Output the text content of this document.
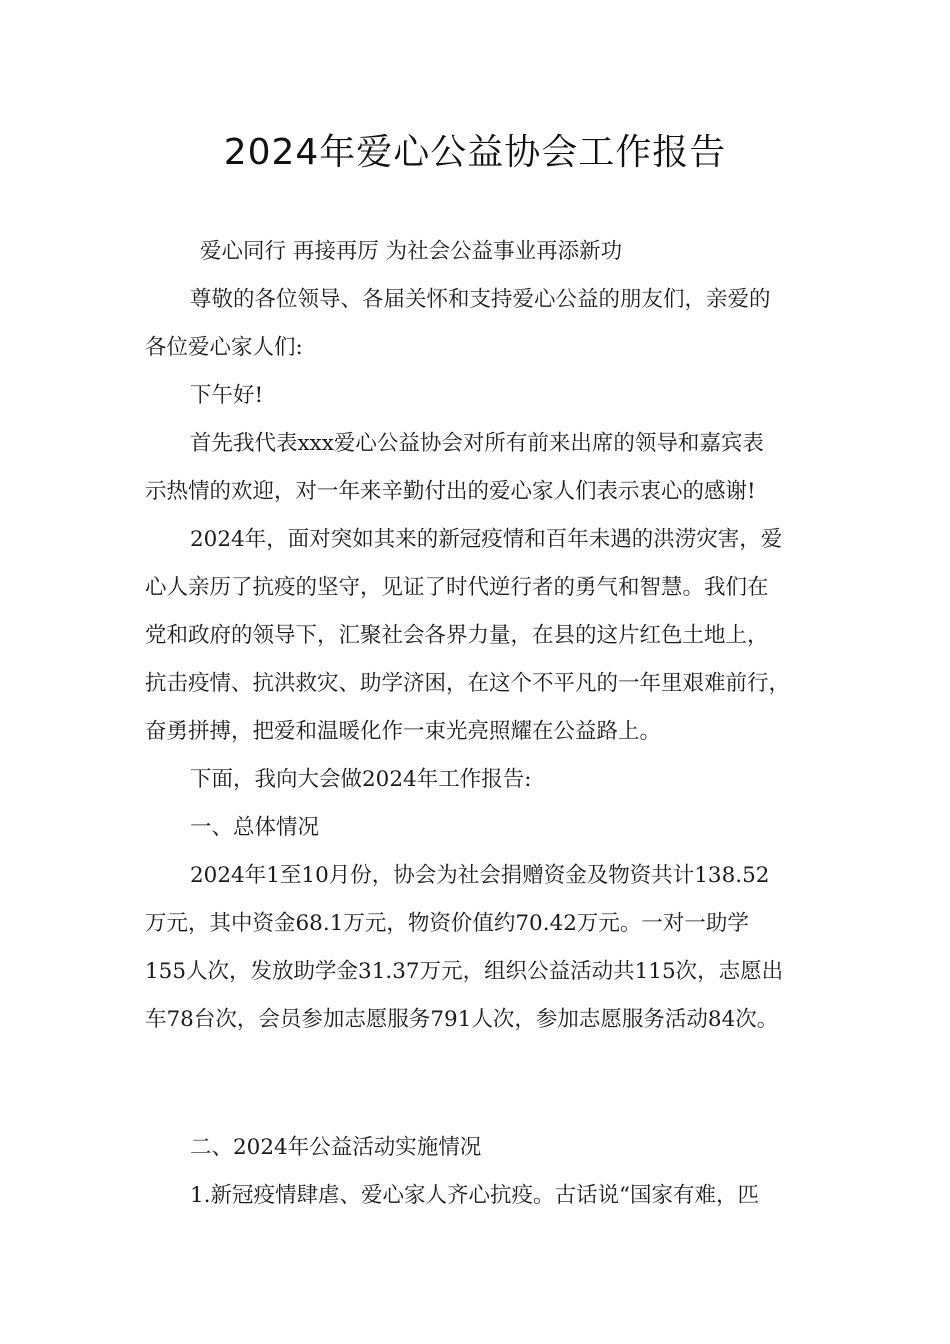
2024年爱心公益协会工作报告
爱心同行 再接再厉 为社会公益事业再添新功
尊敬的各位领导、各届关怀和支持爱心公益的朋友们，亲爱的
各位爱心家人们:
下午好!
首先我代表xxx爱心公益协会对所有前来出席的领导和嘉宾表
示热情的欢迎，对一年来辛勤付出的爱心家人们表示衷心的感谢!
2024年，面对突如其来的新冠疫情和百年未遇的洪涝灾害，爱
心人亲历了抗疫的坚守，见证了时代逆行者的勇气和智慧。我们在
党和政府的领导下，汇聚社会各界力量，在县的这片红色土地上，
抗击疫情、抗洪救灾、助学济困，在这个不平凡的一年里艰难前行，
奋勇拼搏，把爱和温暖化作一束光亮照耀在公益路上。
下面，我向大会做2024年工作报告:
一、总体情况
2024年1至10月份，协会为社会捐赠资金及物资共计138.52
万元，其中资金68.1万元，物资价值约70.42万元。一对一助学
155人次，发放助学金31.37万元，组织公益活动共115次，志愿出
车78台次，会员参加志愿服务791人次，参加志愿服务活动84次。
二、2024年公益活动实施情况
1.新冠疫情肆虐、爱心家人齐心抗疫。古话说“国家有难，匹
